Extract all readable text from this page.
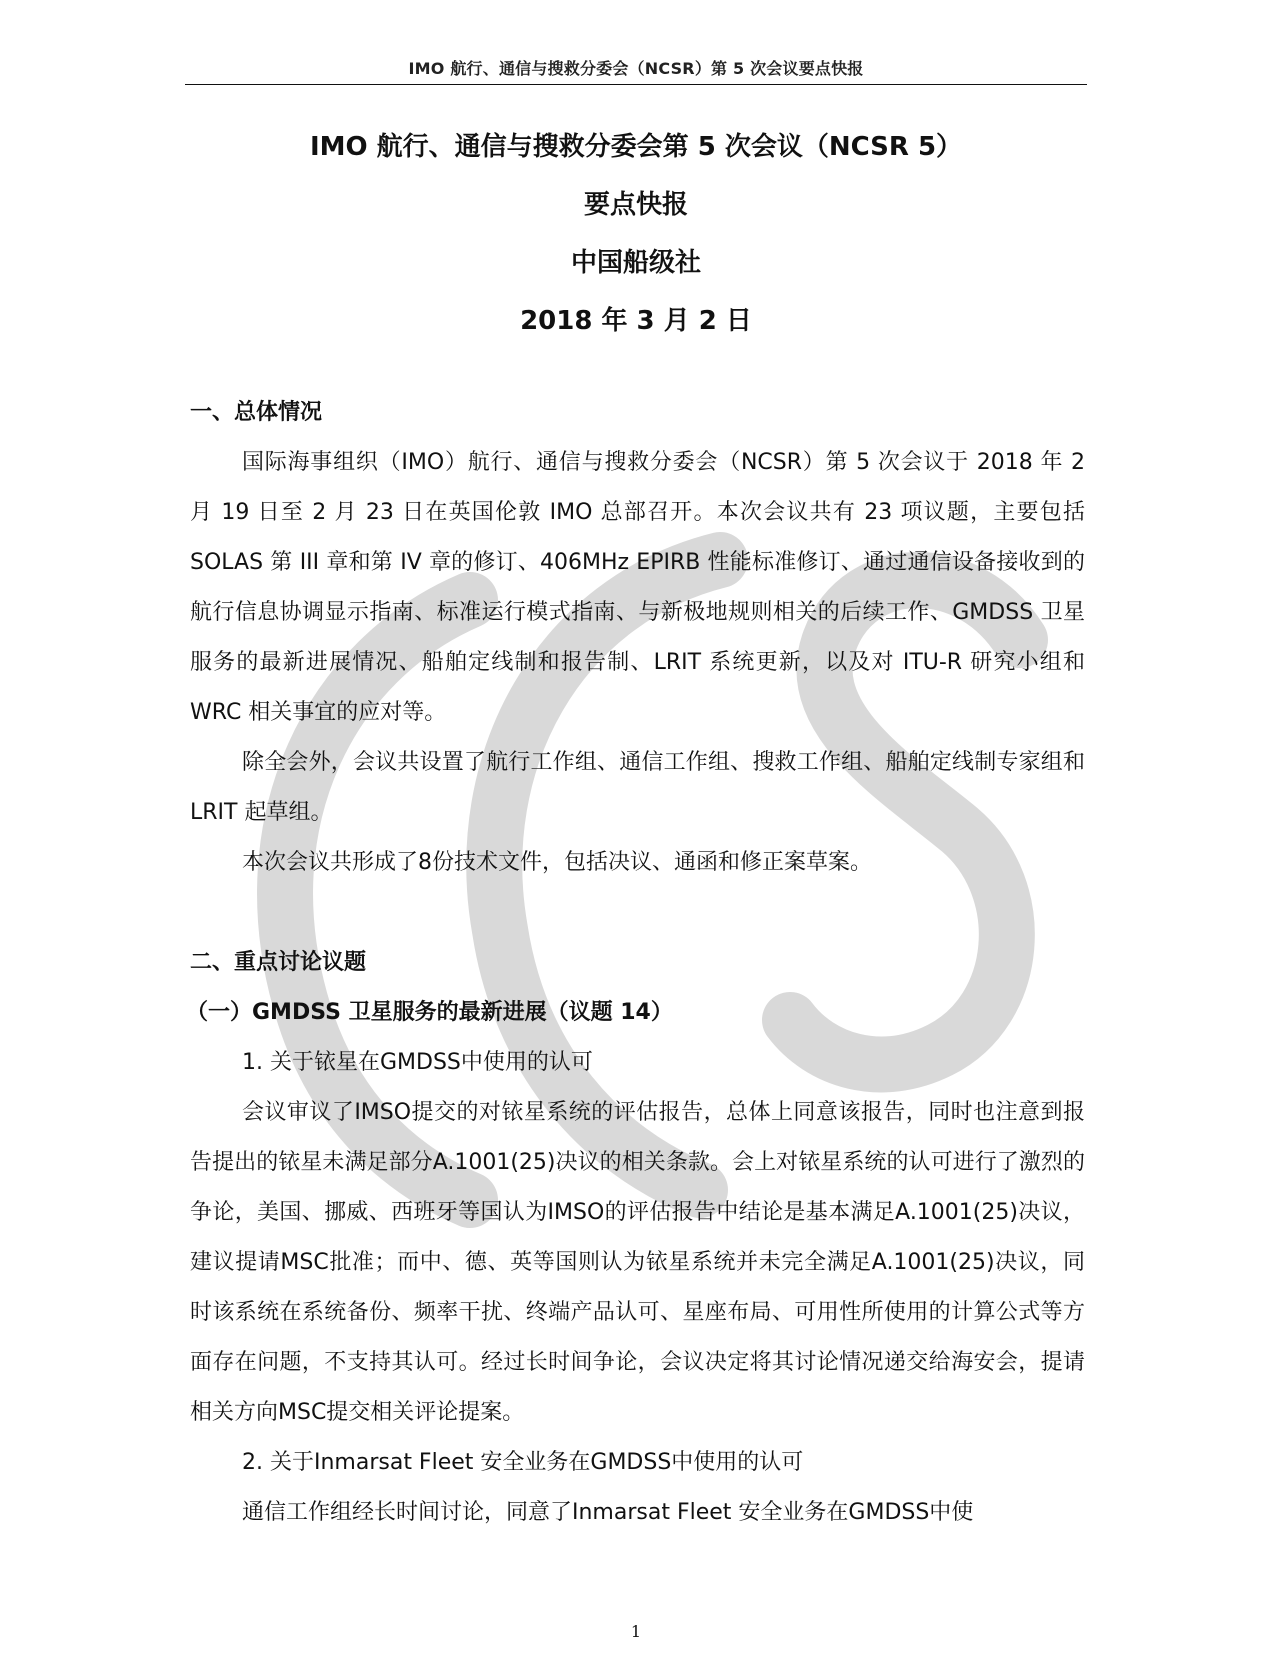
IMO 航行、通信与搜救分委会（NCSR）第 5 次会议要点快报
IMO 航行、通信与搜救分委会第 5 次会议（NCSR 5）
要点快报
中国船级社
2018 年 3 月 2 日
一、总体情况

国际海事组织（IMO）航行、通信与搜救分委会（NCSR）第 5 次会议于 2018 年 2 月 19 日至 2 月 23 日在英国伦敦 IMO 总部召开。本次会议共有 23 项议题，主要包括 SOLAS 第 III 章和第 IV 章的修订、406MHz EPIRB 性能标准修订、通过通信设备接收到的航行信息协调显示指南、标准运行模式指南、与新极地规则相关的后续工作、GMDSS 卫星服务的最新进展情况、船舶定线制和报告制、LRIT 系统更新，以及对 ITU-R 研究小组和 WRC 相关事宜的应对等。

除全会外，会议共设置了航行工作组、通信工作组、搜救工作组、船舶定线制专家组和 LRIT 起草组。

本次会议共形成了8份技术文件，包括决议、通函和修正案草案。

二、重点讨论议题
（一）GMDSS 卫星服务的最新进展（议题 14）
1. 关于铱星在GMDSS中使用的认可

会议审议了IMSO提交的对铱星系统的评估报告，总体上同意该报告，同时也注意到报告提出的铱星未满足部分A.1001(25)决议的相关条款。会上对铱星系统的认可进行了激烈的争论，美国、挪威、西班牙等国认为IMSO的评估报告中结论是基本满足A.1001(25)决议，建议提请MSC批准；而中、德、英等国则认为铱星系统并未完全满足A.1001(25)决议，同时该系统在系统备份、频率干扰、终端产品认可、星座布局、可用性所使用的计算公式等方面存在问题，不支持其认可。经过长时间争论，会议决定将其讨论情况递交给海安会，提请相关方向MSC提交相关评论提案。

2. 关于Inmarsat Fleet 安全业务在GMDSS中使用的认可

通信工作组经长时间讨论，同意了Inmarsat Fleet 安全业务在GMDSS中使

1
